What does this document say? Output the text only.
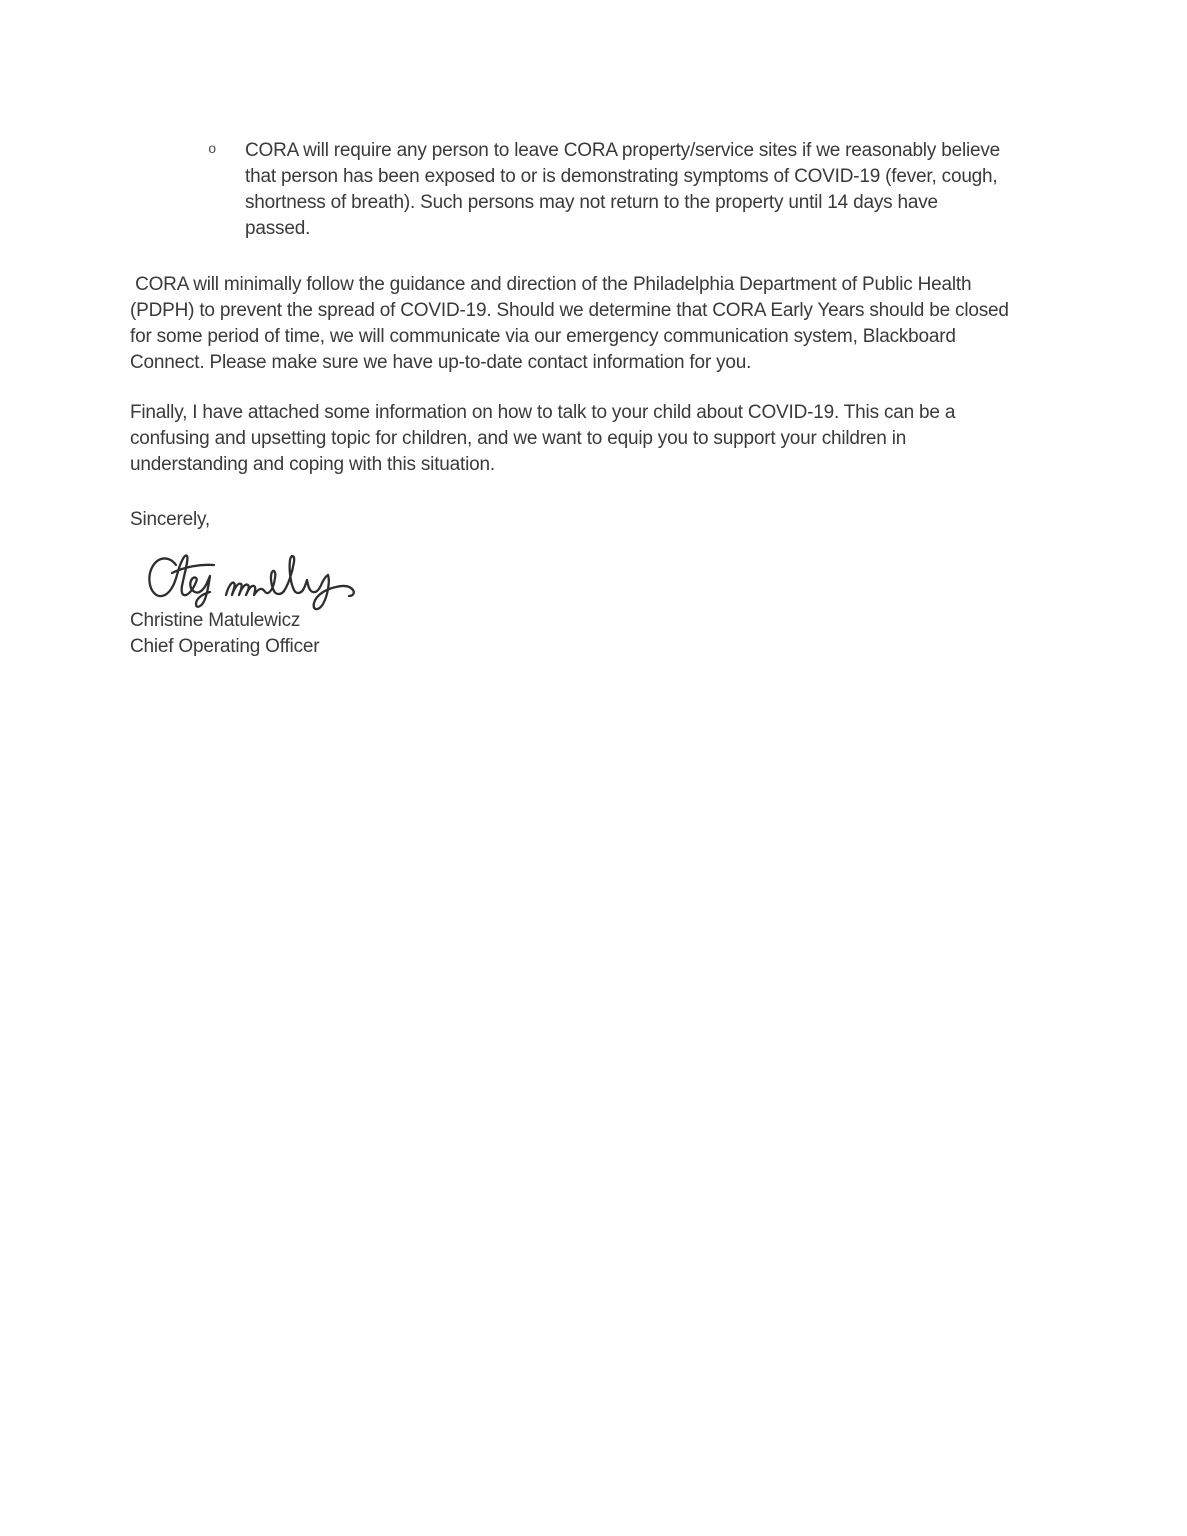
o CORA will require any person to leave CORA property/service sites if we reasonably believe
that person has been exposed to or is demonstrating symptoms of COVID-19 (fever, cough,
shortness of breath). Such persons may not return to the property until 14 days have
passed.
CORA will minimally follow the guidance and direction of the Philadelphia Department of Public Health
(PDPH) to prevent the spread of COVID-19. Should we determine that CORA Early Years should be closed
for some period of time, we will communicate via our emergency communication system, Blackboard
Connect. Please make sure we have up-to-date contact information for you.
Finally, I have attached some information on how to talk to your child about COVID-19. This can be a
confusing and upsetting topic for children, and we want to equip you to support your children in
understanding and coping with this situation.
Sincerely,
Christine Matulewicz
Chief Operating Officer
